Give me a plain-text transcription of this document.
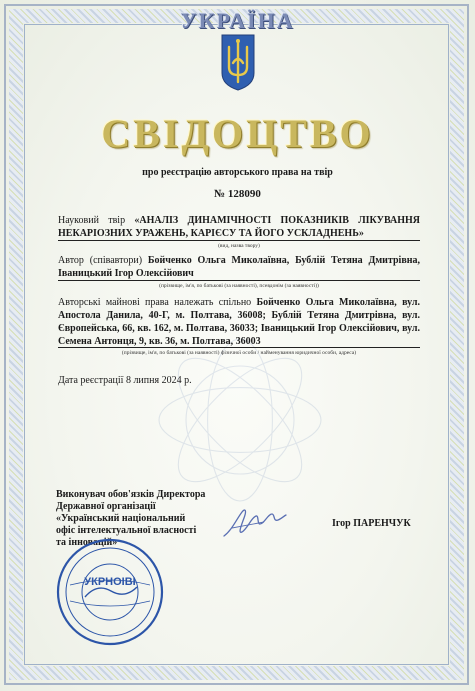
УКРАЇНА
СВІДОЦТВО
про реєстрацію авторського права на твір
№ 128090
Науковий твір «АНАЛІЗ ДИНАМІЧНОСТІ ПОКАЗНИКІВ ЛІКУВАННЯ НЕКАРІОЗНИХ УРАЖЕНЬ, КАРІЄСУ ТА ЙОГО УСКЛАДНЕНЬ»
(вид, назва твору)
Автор (співавтори) Бойченко Ольга Миколаївна, Бублій Тетяна Дмитрівна, Іваницький Ігор Олексійович
(прізвище, ім'я, по батькові (за наявності), псевдонім (за наявності))
Авторські майнові права належать спільно Бойченко Ольга Миколаївна, вул. Апостола Данила, 40-Г, м. Полтава, 36008; Бублій Тетяна Дмитрівна, вул. Європейська, 66, кв. 162, м. Полтава, 36033; Іваницький Ігор Олексійович, вул. Семена Антонця, 9, кв. 36, м. Полтава, 36003
(прізвище, ім'я, по батькові (за наявності) фізичної особи / найменування юридичної особи, адреса)
Дата реєстрації 8 липня 2024 р.
Виконувач обов'язків Директора Державної організації «Український національний офіс інтелектуальної власності та інновацій»
Ігор ПАРЕНЧУК
УКРНОІВІ
